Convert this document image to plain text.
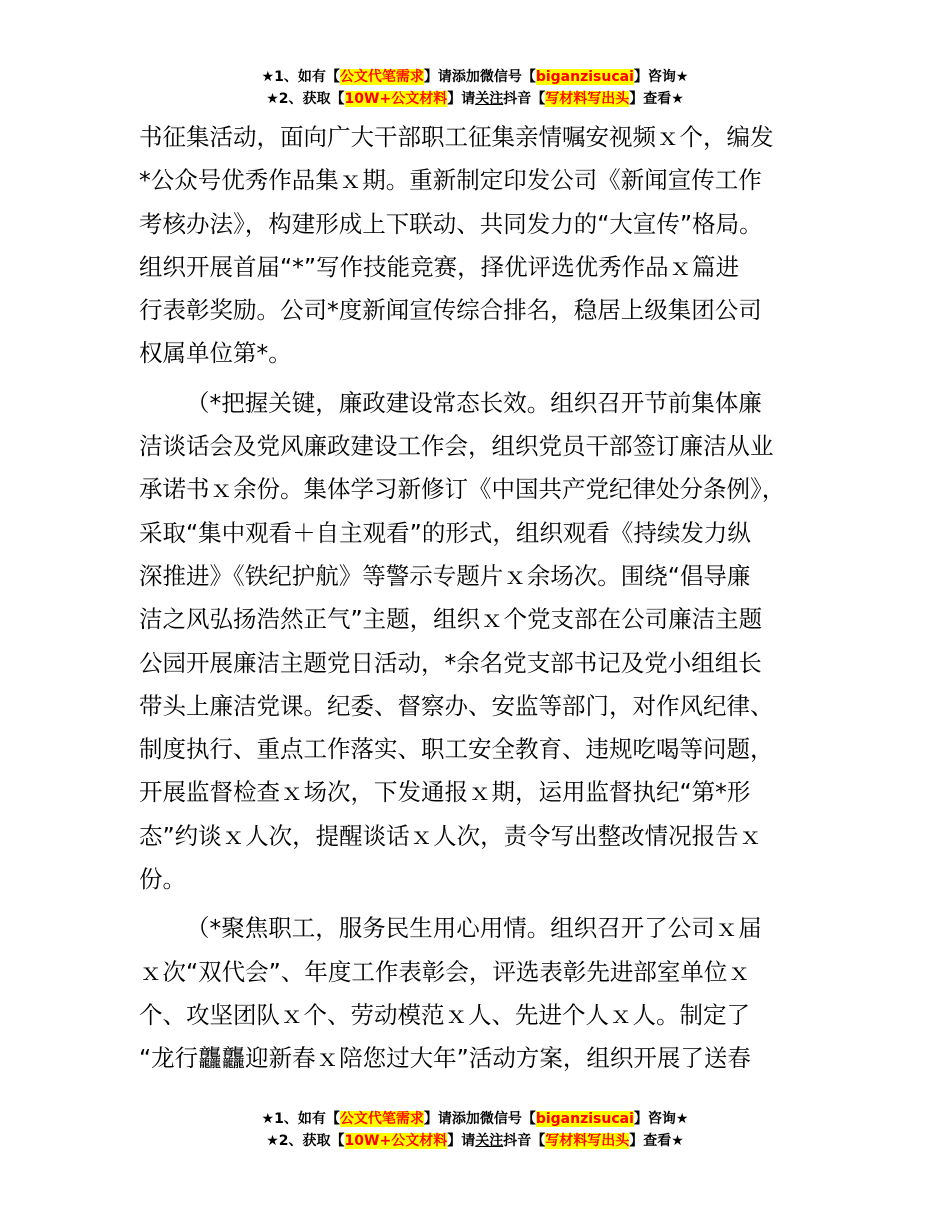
★1、如有【公文代笔需求】请添加微信号【biganzisucai】咨询★
★2、获取【10W+公文材料】请关注抖音【写材料写出头】查看★
书征集活动，面向广大干部职工征集亲情嘱安视频ｘ个，编发
*公众号优秀作品集ｘ期。重新制定印发公司《新闻宣传工作
考核办法》，构建形成上下联动、共同发力的“大宣传”格局。
组织开展首届“*”写作技能竞赛，择优评选优秀作品ｘ篇进
行表彰奖励。公司*度新闻宣传综合排名，稳居上级集团公司
权属单位第*。
（*把握关键，廉政建设常态长效。组织召开节前集体廉
洁谈话会及党风廉政建设工作会，组织党员干部签订廉洁从业
承诺书ｘ余份。集体学习新修订《中国共产党纪律处分条例》，
采取“集中观看＋自主观看”的形式，组织观看《持续发力纵
深推进》《铁纪护航》等警示专题片ｘ余场次。围绕“倡导廉
洁之风弘扬浩然正气”主题，组织ｘ个党支部在公司廉洁主题
公园开展廉洁主题党日活动，*余名党支部书记及党小组组长
带头上廉洁党课。纪委、督察办、安监等部门，对作风纪律、
制度执行、重点工作落实、职工安全教育、违规吃喝等问题，
开展监督检查ｘ场次，下发通报ｘ期，运用监督执纪“第*形
态”约谈ｘ人次，提醒谈话ｘ人次，责令写出整改情况报告ｘ
份。
（*聚焦职工，服务民生用心用情。组织召开了公司ｘ届
ｘ次“双代会”、年度工作表彰会，评选表彰先进部室单位ｘ
个、攻坚团队ｘ个、劳动模范ｘ人、先进个人ｘ人。制定了
“龙行龘龘迎新春ｘ陪您过大年”活动方案，组织开展了送春
★1、如有【公文代笔需求】请添加微信号【biganzisucai】咨询★
★2、获取【10W+公文材料】请关注抖音【写材料写出头】查看★
